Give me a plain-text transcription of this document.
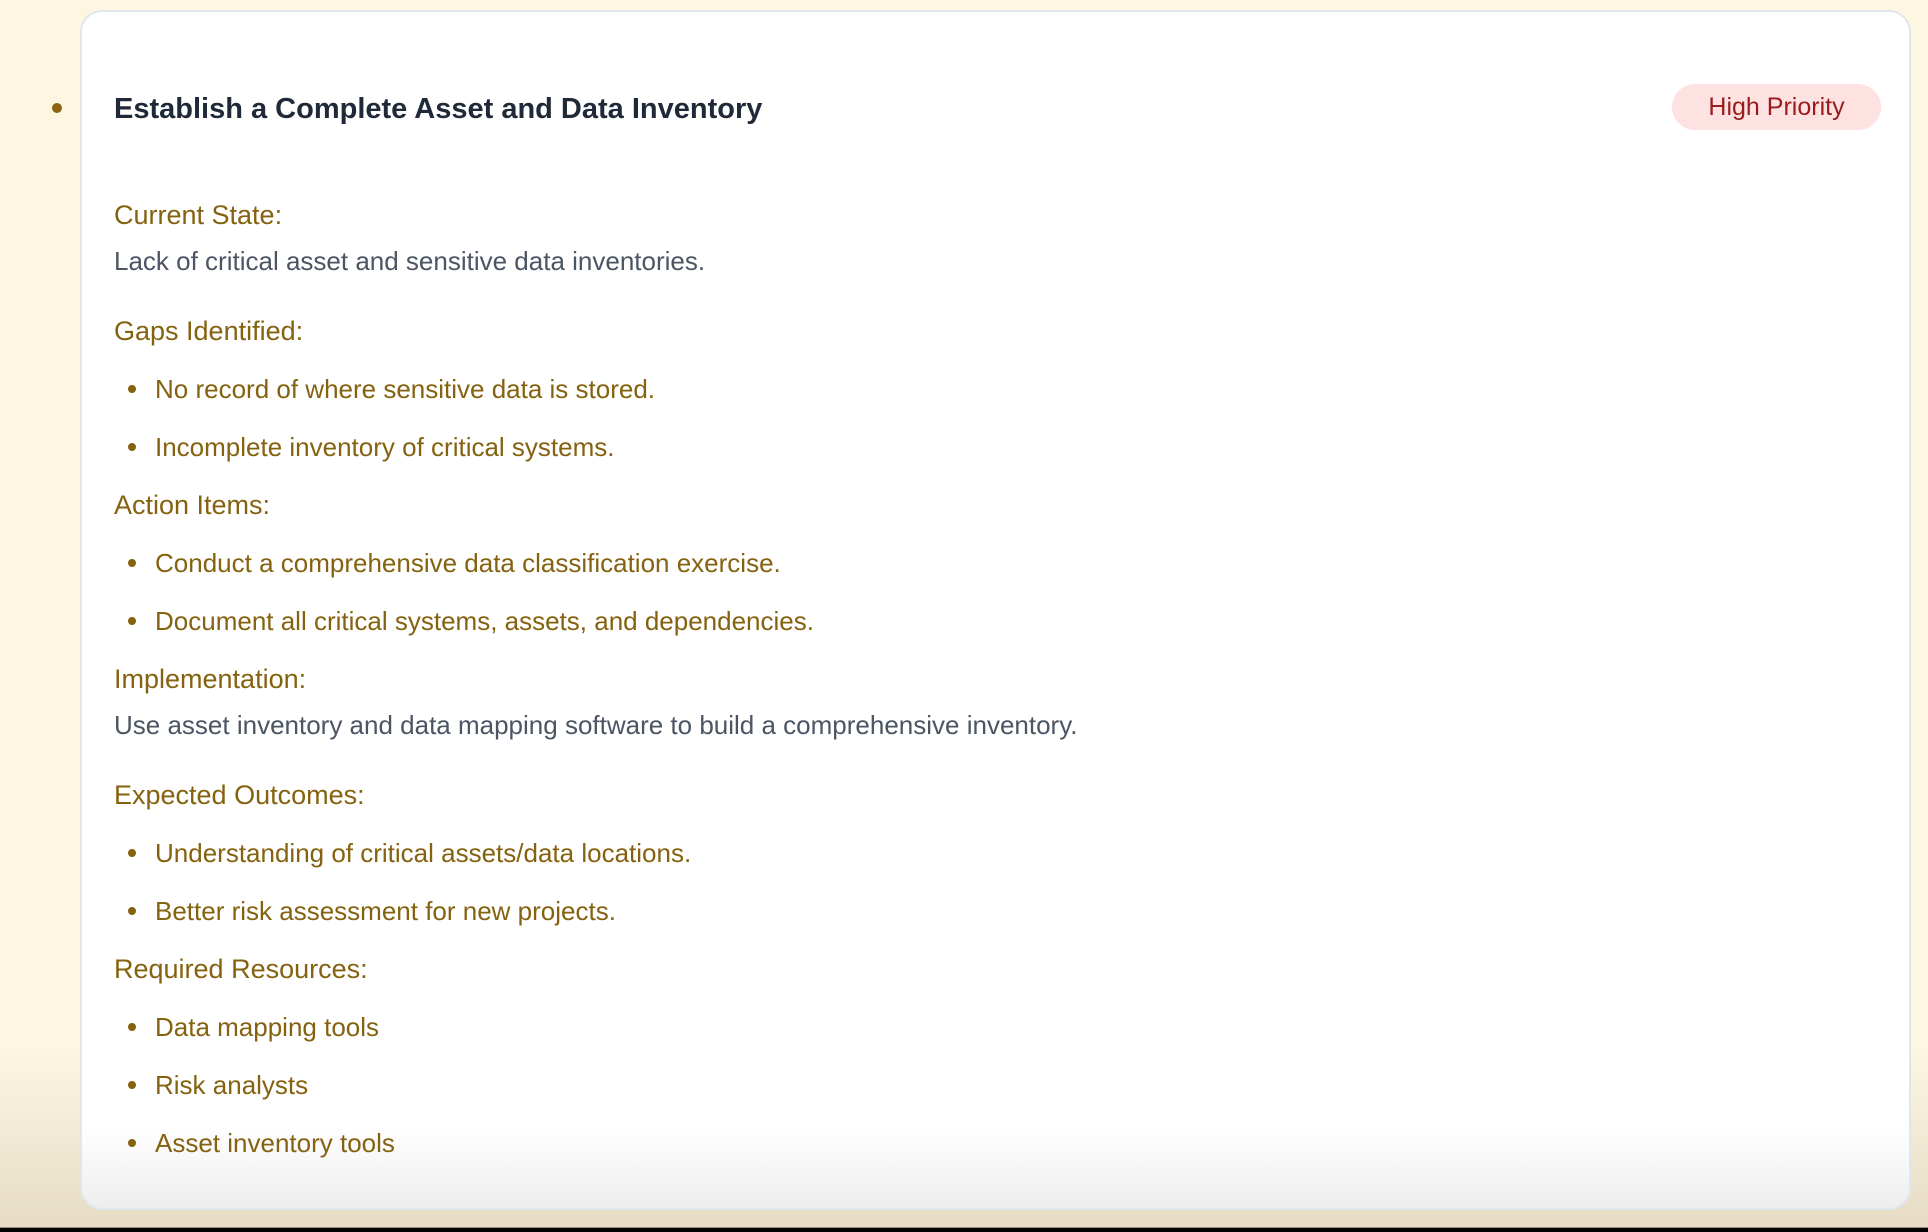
Establish a Complete Asset and Data Inventory	High Priority
Current State:
Lack of critical asset and sensitive data inventories.
Gaps Identified:
No record of where sensitive data is stored.
Incomplete inventory of critical systems.
Action Items:
Conduct a comprehensive data classification exercise.
Document all critical systems, assets, and dependencies.
Implementation:
Use asset inventory and data mapping software to build a comprehensive inventory.
Expected Outcomes:
Understanding of critical assets/data locations.
Better risk assessment for new projects.
Required Resources:
Data mapping tools
Risk analysts
Asset inventory tools
